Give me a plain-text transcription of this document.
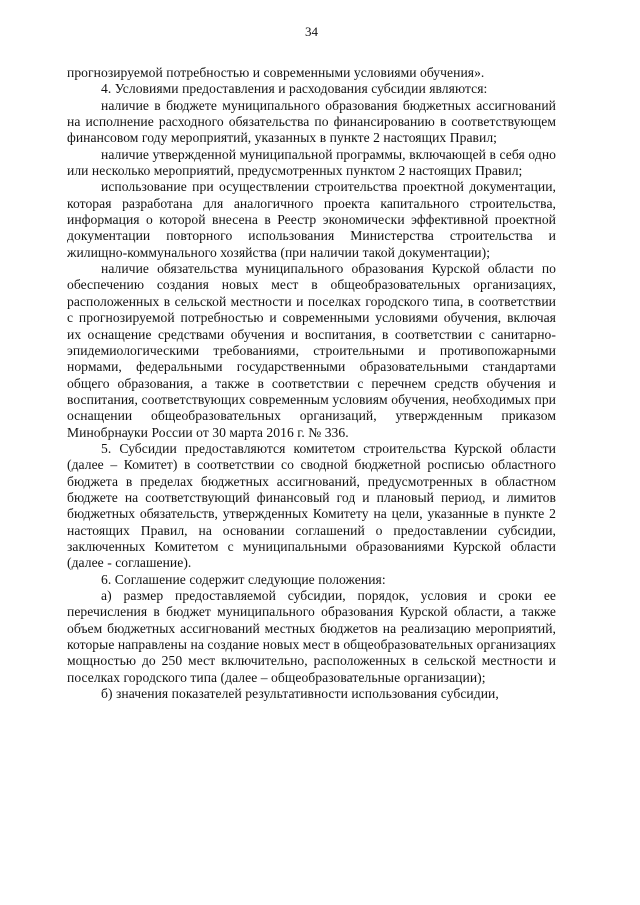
34

прогнозируемой потребностью и современными условиями обучения».

4. Условиями предоставления и расходования субсидии являются:

наличие в бюджете муниципального образования бюджетных ассигнований на исполнение расходного обязательства по финансированию в соответствующем финансовом году мероприятий, указанных в пункте 2 настоящих Правил;

наличие утвержденной муниципальной программы, включающей в себя одно или несколько мероприятий, предусмотренных пунктом 2 настоящих Правил;

использование при осуществлении строительства проектной документации, которая разработана для аналогичного проекта капитального строительства, информация о которой внесена в Реестр экономически эффективной проектной документации повторного использования Министерства строительства и жилищно-коммунального хозяйства (при наличии такой документации);

наличие обязательства муниципального образования Курской области по обеспечению создания новых мест в общеобразовательных организациях, расположенных в сельской местности и поселках городского типа, в соответствии с прогнозируемой потребностью и современными условиями обучения, включая их оснащение средствами обучения и воспитания, в соответствии с санитарно-эпидемиологическими требованиями, строительными и противопожарными нормами, федеральными государственными образовательными стандартами общего образования, а также в соответствии с перечнем средств обучения и воспитания, соответствующих современным условиям обучения, необходимых при оснащении общеобразовательных организаций, утвержденным приказом Минобрнауки России от 30 марта 2016 г. № 336.

5. Субсидии предоставляются комитетом строительства Курской области (далее – Комитет) в соответствии со сводной бюджетной росписью областного бюджета в пределах бюджетных ассигнований, предусмотренных в областном бюджете на соответствующий финансовый год и плановый период, и лимитов бюджетных обязательств, утвержденных Комитету на цели, указанные в пункте 2 настоящих Правил, на основании соглашений о предоставлении субсидии, заключенных Комитетом с муниципальными образованиями Курской области (далее - соглашение).

6. Соглашение содержит следующие положения:

а) размер предоставляемой субсидии, порядок, условия и сроки ее перечисления в бюджет муниципального образования Курской области, а также объем бюджетных ассигнований местных бюджетов на реализацию мероприятий, которые направлены на создание новых мест в общеобразовательных организациях мощностью до 250 мест включительно, расположенных в сельской местности и поселках городского типа (далее – общеобразовательные организации);

б) значения показателей результативности использования субсидии,
